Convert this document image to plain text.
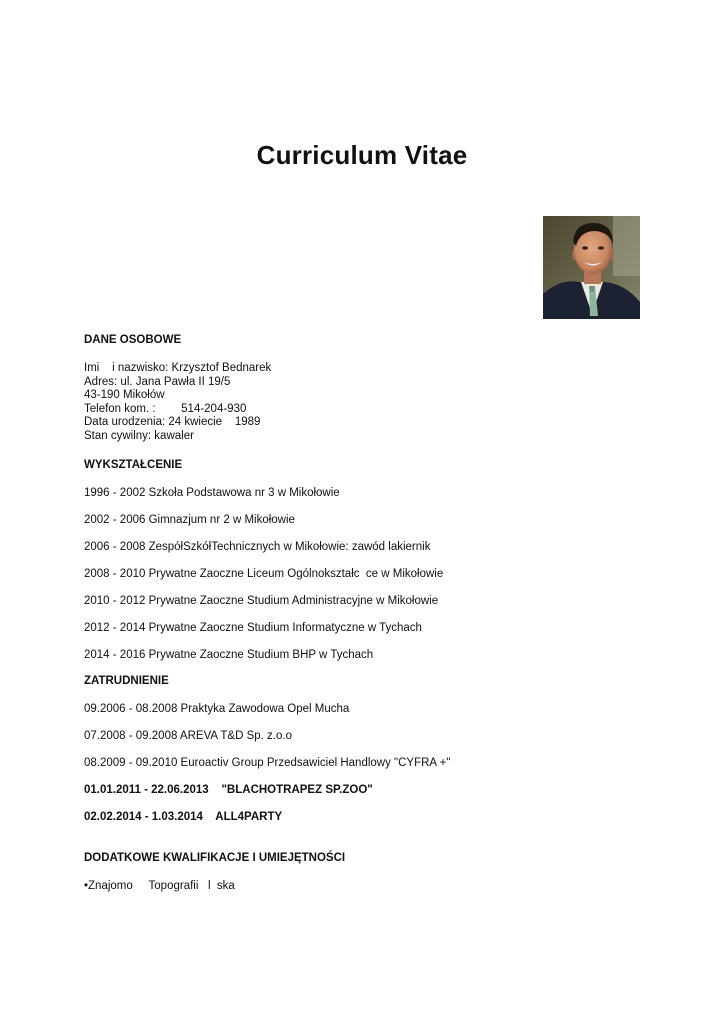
Curriculum Vitae
DANE OSOBOWE
Imi    i nazwisko: Krzysztof Bednarek
Adres: ul. Jana Pawła II 19/5
43-190 Mikołów
Telefon kom. :        514-204-930
Data urodzenia: 24 kwiecie    1989
Stan cywilny: kawaler
WYKSZTAŁCENIE
1996 - 2002 Szkoła Podstawowa nr 3 w Mikołowie
2002 - 2006 Gimnazjum nr 2 w Mikołowie
2006 - 2008 ZespółSzkółTechnicznych w Mikołowie: zawód lakiernik
2008 - 2010 Prywatne Zaoczne Liceum Ogólnokształc  ce w Mikołowie
2010 - 2012 Prywatne Zaoczne Studium Administracyjne w Mikołowie
2012 - 2014 Prywatne Zaoczne Studium Informatyczne w Tychach
2014 - 2016 Prywatne Zaoczne Studium BHP w Tychach
ZATRUDNIENIE
09.2006 - 08.2008 Praktyka Zawodowa Opel Mucha
07.2008 - 09.2008 AREVA T&D Sp. z.o.o
08.2009 - 09.2010 Euroactiv Group Przedsawiciel Handlowy "CYFRA +"
01.01.2011 - 22.06.2013    "BLACHOTRAPEZ SP.ZOO"
02.02.2014 - 1.03.2014    ALL4PARTY
DODATKOWE KWALIFIKACJE I UMIEJĘTNOŚCI
•Znajomo     Topografii   l  ska
